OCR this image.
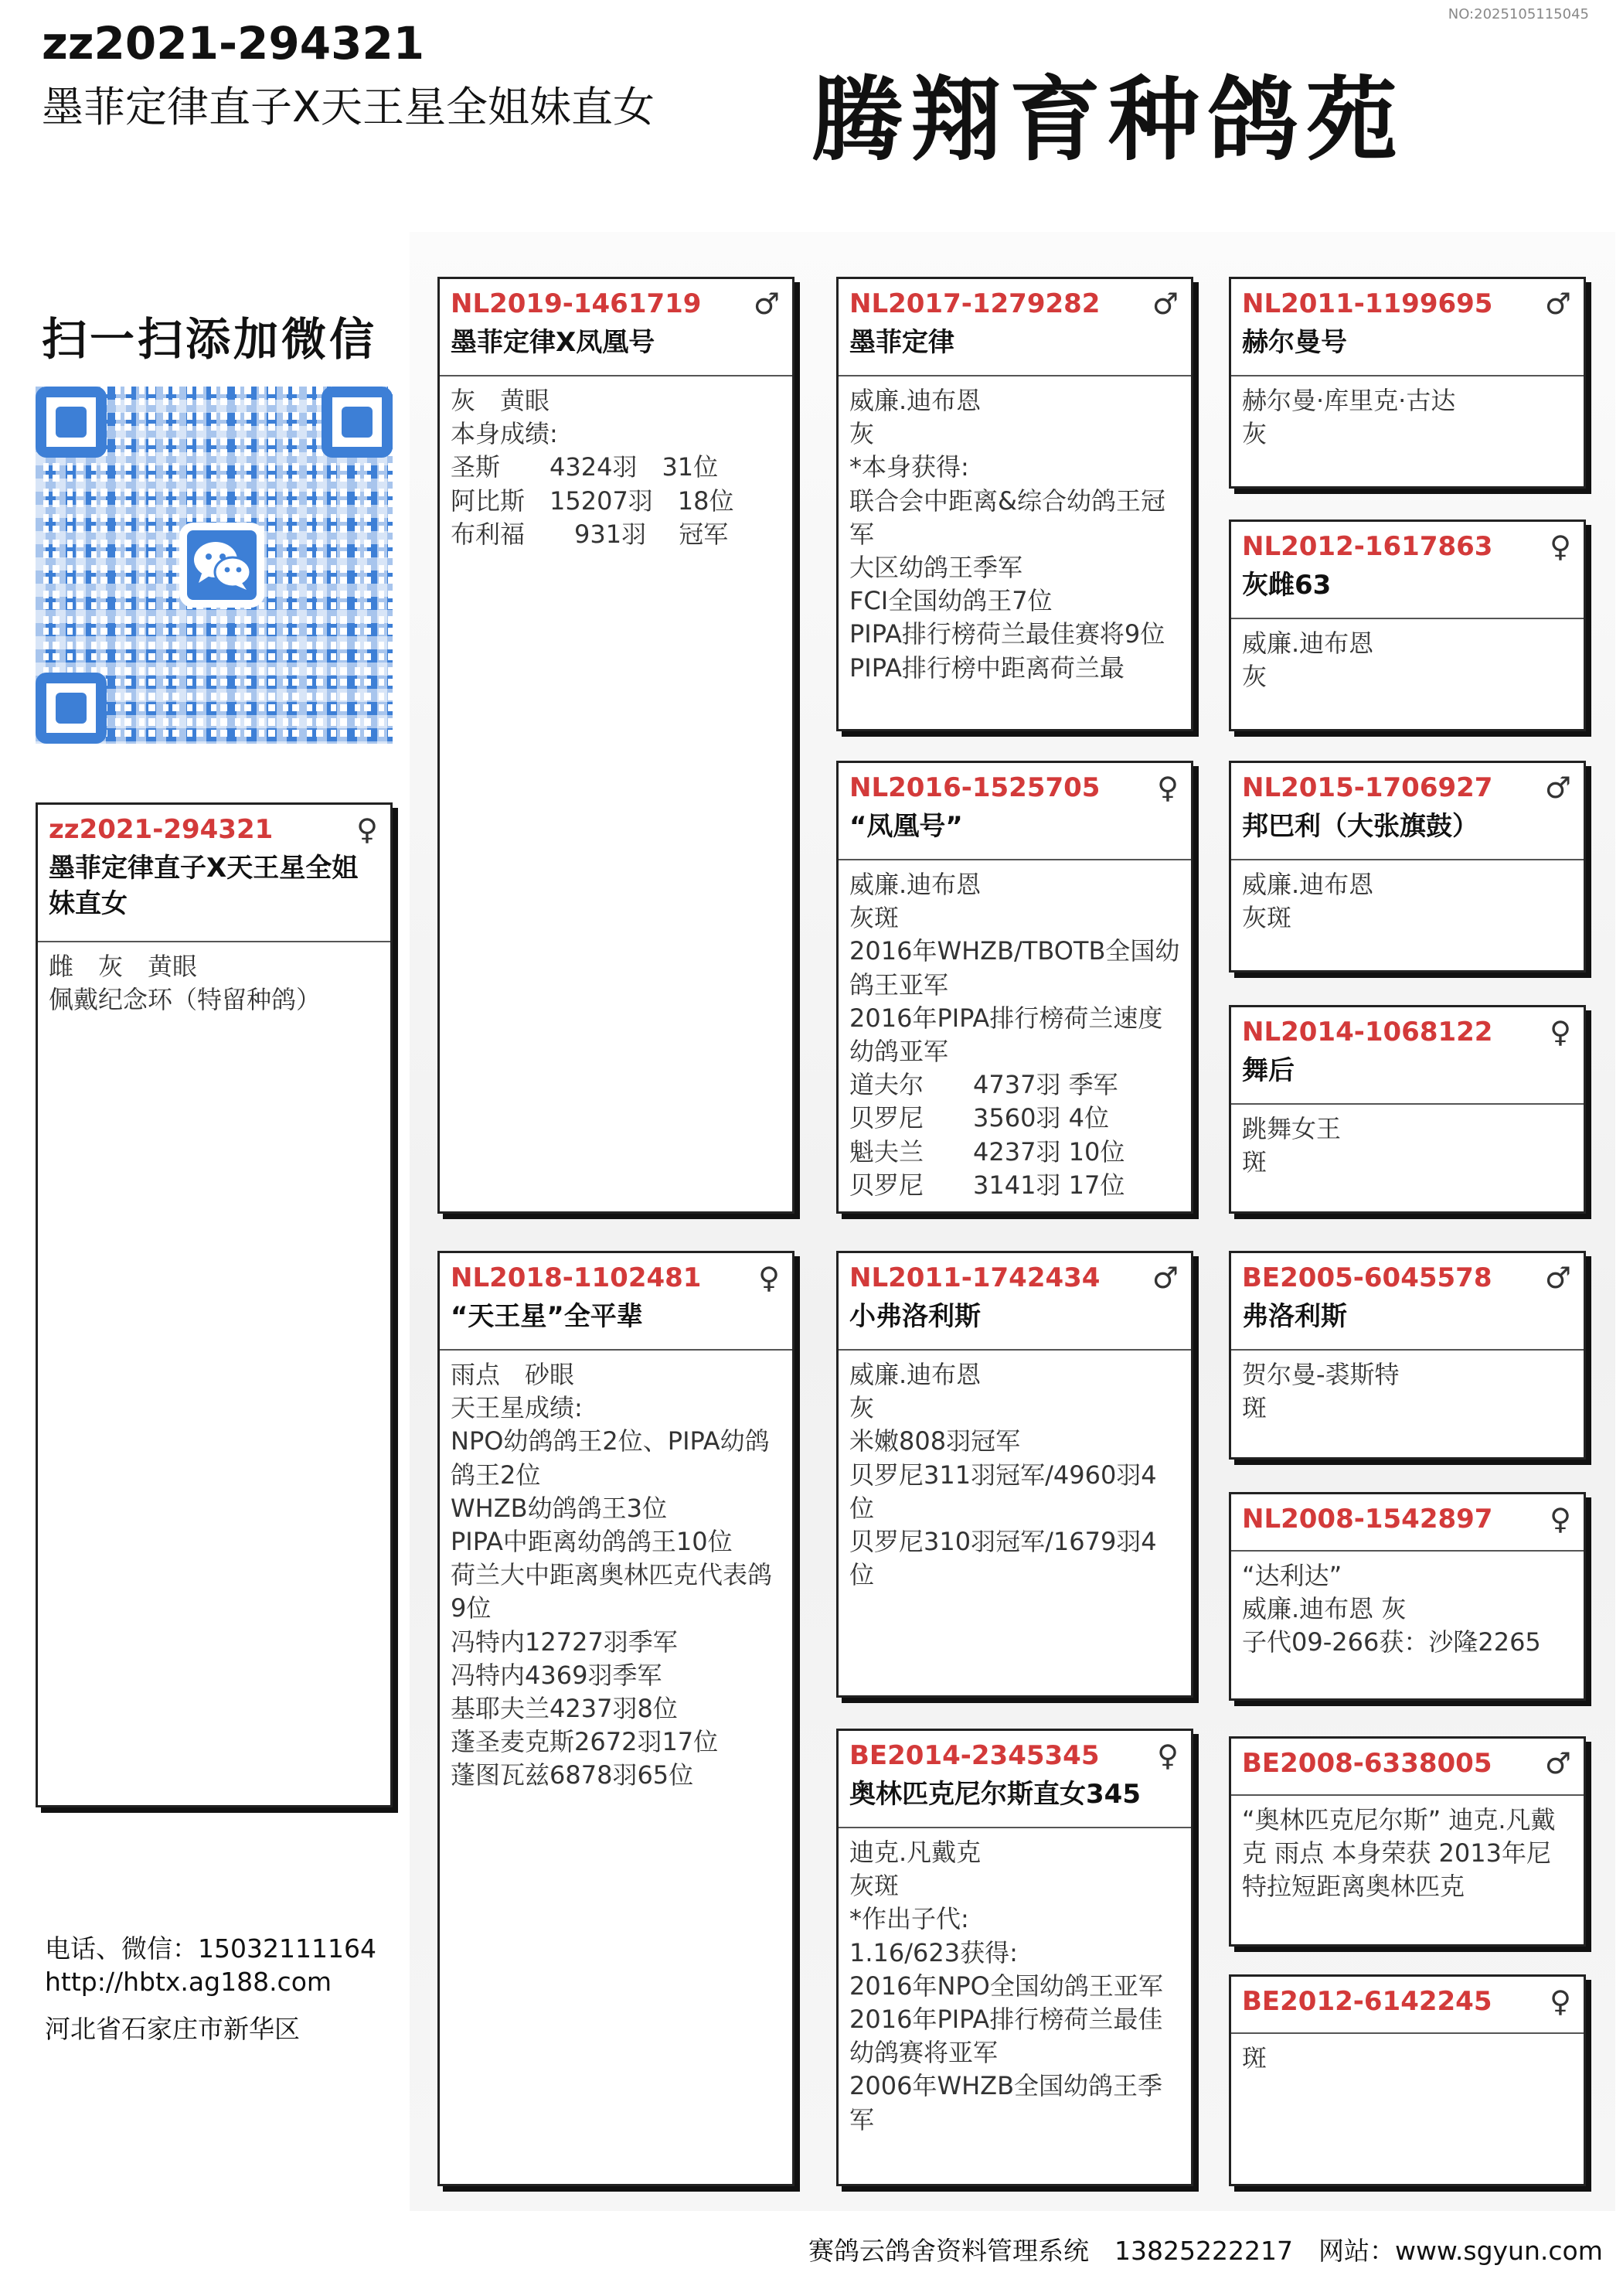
NO:2025105115045
zz2021-294321
墨菲定律直子X天王星全姐妹直女 腾翔育种鸽苑
扫一扫添加微信
zz2021-294321	♀
墨菲定律直子X天王星全姐妹直女
雌　灰　黄眼
佩戴纪念环（特留种鸽）
NL2019-1461719	♂
墨菲定律X凤凰号
灰　黄眼
本身成绩:
圣斯　　4324羽　31位
阿比斯　15207羽　18位
布利福　　931羽　 冠军
NL2018-1102481	♀
“天王星”全平辈
雨点　砂眼
天王星成绩:
NPO幼鸽鸽王2位、PIPA幼鸽鸽王2位
WHZB幼鸽鸽王3位
PIPA中距离幼鸽鸽王10位
荷兰大中距离奥林匹克代表鸽9位
冯特内12727羽季军
冯特内4369羽季军
基耶夫兰4237羽8位
蓬圣麦克斯2672羽17位
蓬图瓦兹6878羽65位
NL2017-1279282	♂
墨菲定律
威廉.迪布恩
灰
*本身获得:
联合会中距离&综合幼鸽王冠军
大区幼鸽王季军
FCI全国幼鸽王7位
PIPA排行榜荷兰最佳赛将9位
PIPA排行榜中距离荷兰最
NL2016-1525705	♀
“凤凰号”
威廉.迪布恩
灰斑
2016年WHZB/TBOTB全国幼鸽王亚军
2016年PIPA排行榜荷兰速度幼鸽亚军
道夫尔　　4737羽 季军
贝罗尼　　3560羽 4位
魁夫兰　　4237羽 10位
贝罗尼　　3141羽 17位
NL2011-1742434	♂
小弗洛利斯
威廉.迪布恩
灰
米嫩808羽冠军
贝罗尼311羽冠军/4960羽4位
贝罗尼310羽冠军/1679羽4位
BE2014-2345345	♀
奥林匹克尼尔斯直女345
迪克.凡戴克
灰斑
*作出子代:
1.16/623获得:
2016年NPO全国幼鸽王亚军
2016年PIPA排行榜荷兰最佳幼鸽赛将亚军
2006年WHZB全国幼鸽王季军
NL2011-1199695	♂
赫尔曼号
赫尔曼·库里克·古达
灰
NL2012-1617863	♀
灰雌63
威廉.迪布恩
灰
NL2015-1706927	♂
邦巴利（大张旗鼓）
威廉.迪布恩
灰斑
NL2014-1068122	♀
舞后
跳舞女王
斑
BE2005-6045578	♂
弗洛利斯
贺尔曼-裘斯特
斑
NL2008-1542897	♀
“达利达”
威廉.迪布恩 灰
子代09-266获：沙隆2265
BE2008-6338005	♂
“奥林匹克尼尔斯” 迪克.凡戴克 雨点 本身荣获 2013年尼特拉短距离奥林匹克
BE2012-6142245	♀
斑
电话、微信：15032111164
http://hbtx.ag188.com
河北省石家庄市新华区
赛鸽云鸽舍资料管理系统　13825222217　网站：www.sgyun.com
